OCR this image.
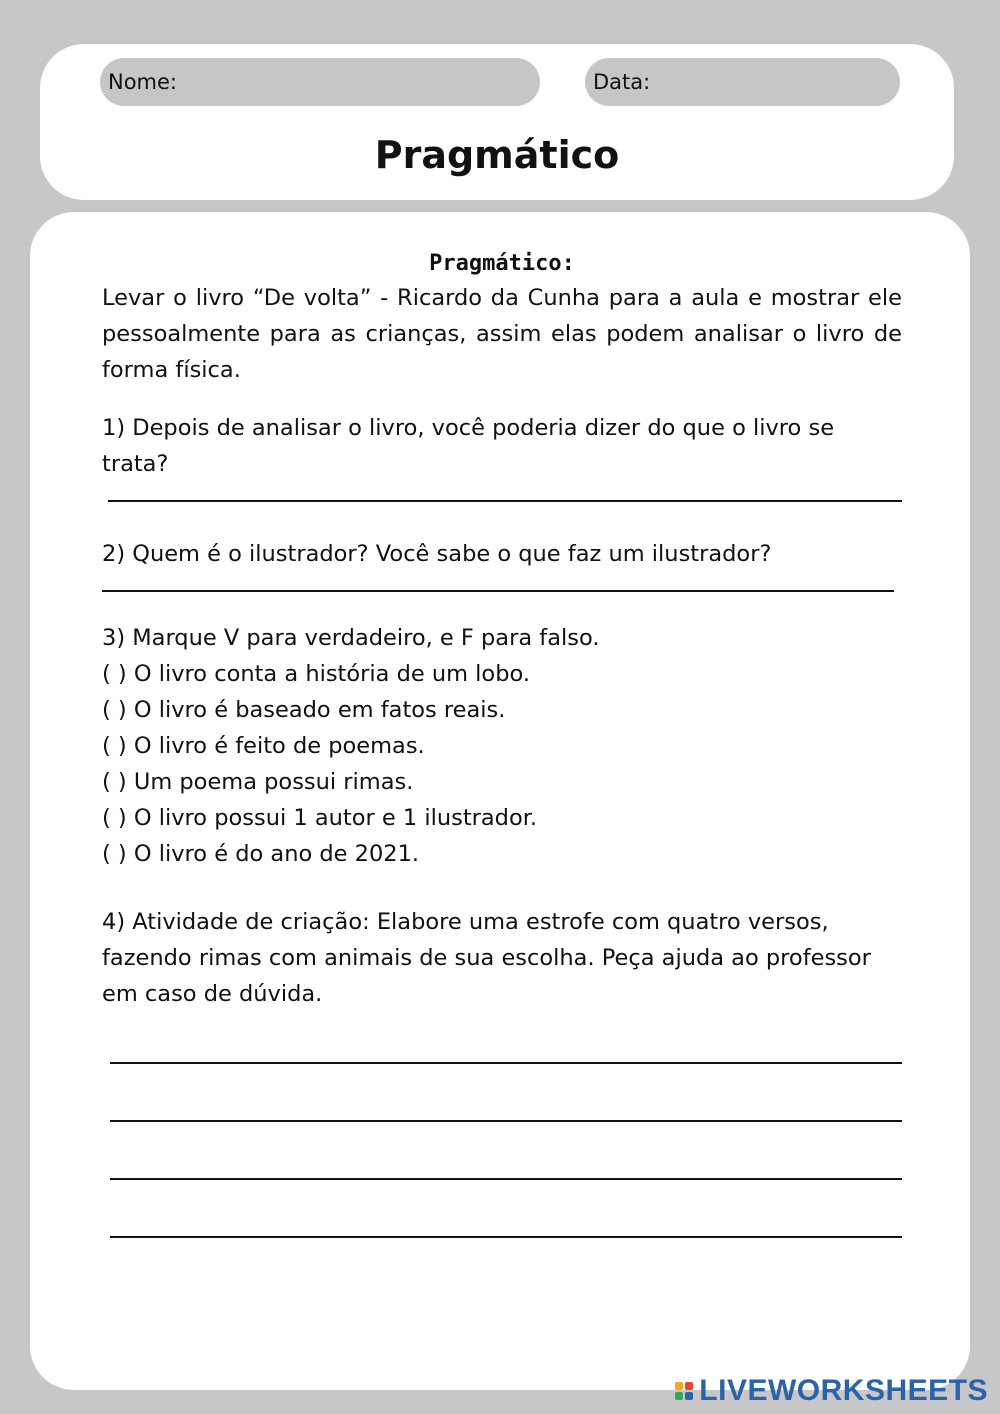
Nome:	Data:
Pragmático
Pragmático:

Levar o livro “De volta” - Ricardo da Cunha para a aula e mostrar ele pessoalmente para as crianças, assim elas podem analisar o livro de forma física.

1) Depois de analisar o livro, você poderia dizer do que o livro se trata?

2) Quem é o ilustrador? Você sabe o que faz um ilustrador?

3) Marque V para verdadeiro, e F para falso.

( ) O livro conta a história de um lobo.
( ) O livro é baseado em fatos reais.
( ) O livro é feito de poemas.
( ) Um poema possui rimas.
( ) O livro possui 1 autor e 1 ilustrador.
( ) O livro é do ano de 2021.

4) Atividade de criação: Elabore uma estrofe com quatro versos, fazendo rimas com animais de sua escolha. Peça ajuda ao professor em caso de dúvida.

LIVEWORKSHEETS
